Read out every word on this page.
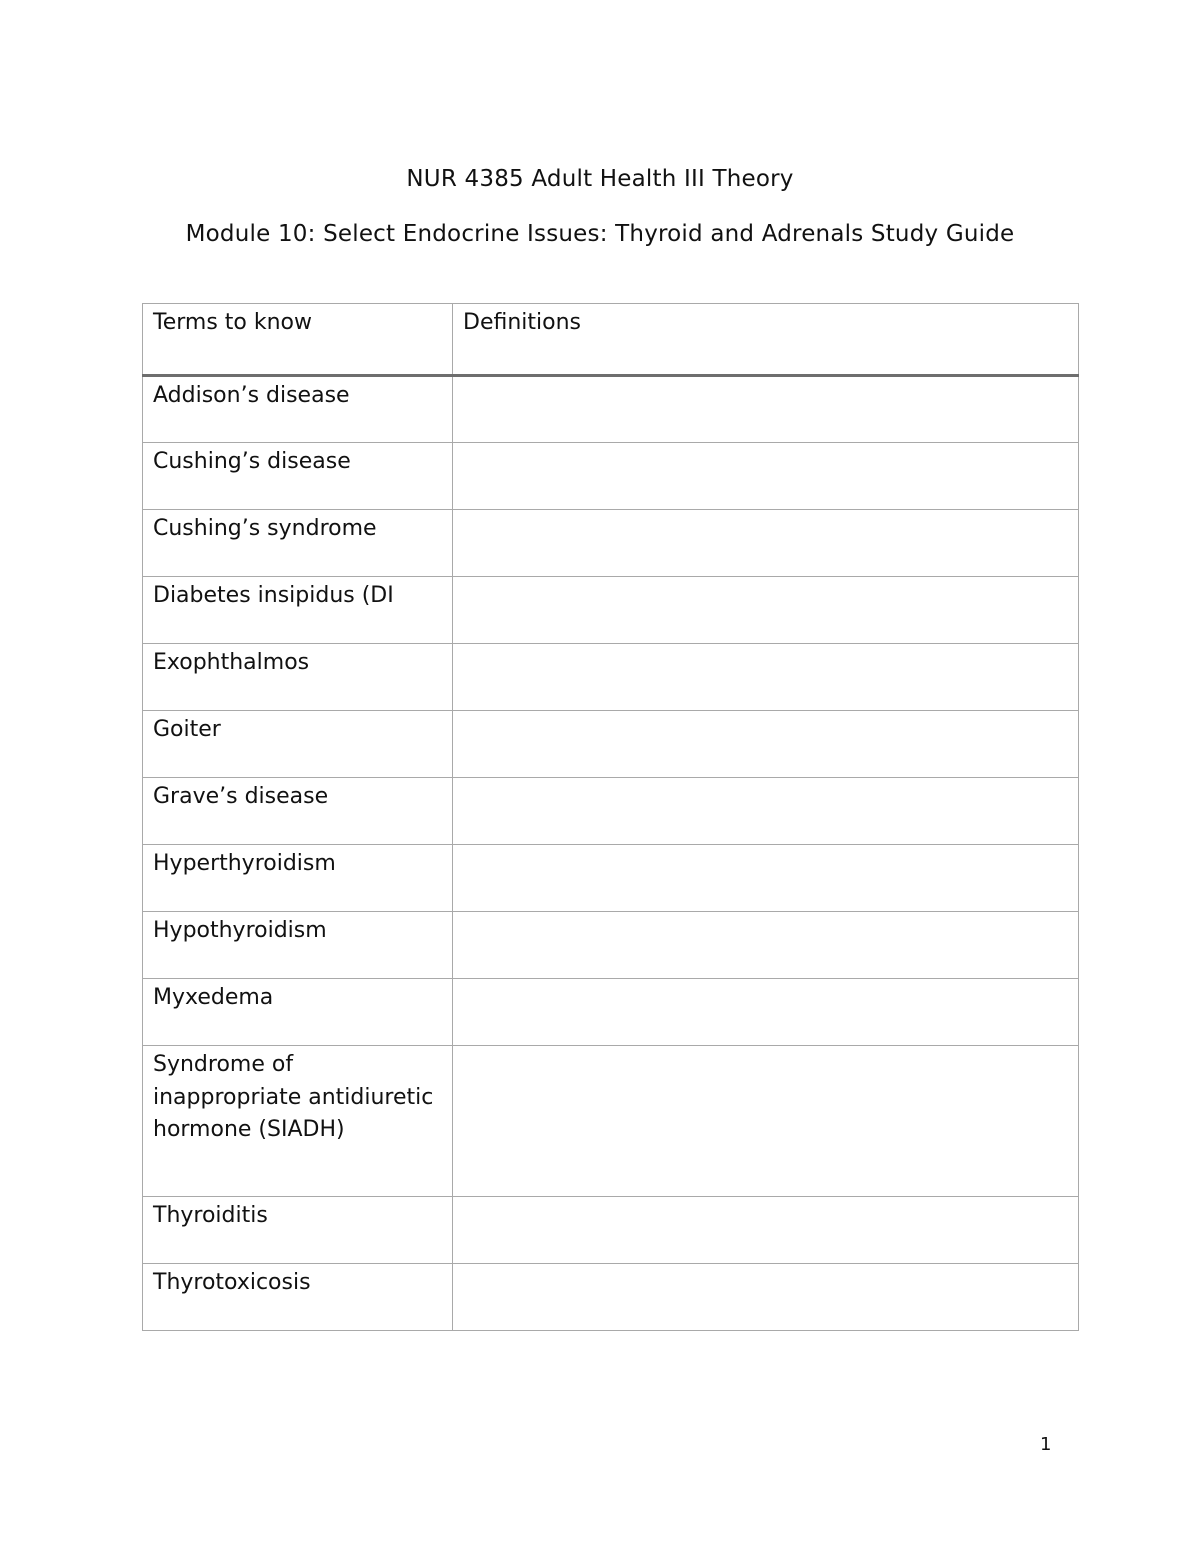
NUR 4385 Adult Health III Theory
Module 10: Select Endocrine Issues: Thyroid and Adrenals Study Guide
Terms to know	Definitions
Addison’s disease	
Cushing’s disease	
Cushing’s syndrome	
Diabetes insipidus (DI	
Exophthalmos	
Goiter	
Grave’s disease	
Hyperthyroidism	
Hypothyroidism	
Myxedema	
Syndrome of inappropriate antidiuretic hormone (SIADH)	
Thyroiditis	
Thyrotoxicosis	
1
